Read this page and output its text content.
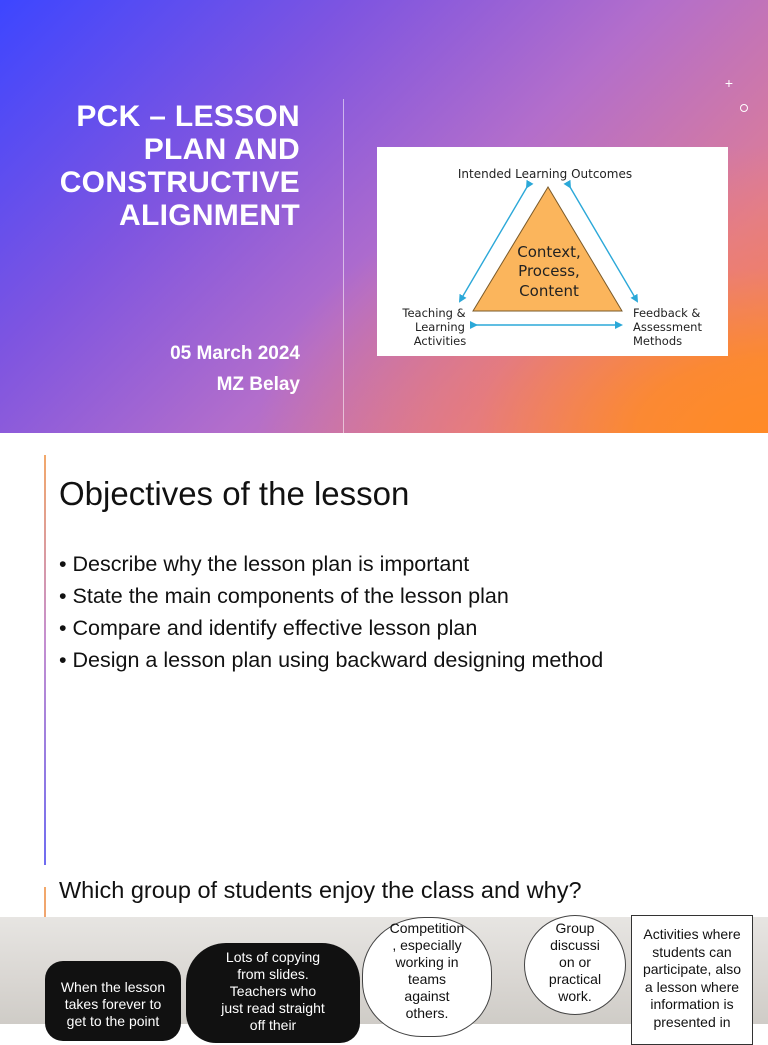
PCK – LESSON
PLAN AND
CONSTRUCTIVE
ALIGNMENT
05 March 2024
MZ Belay
+
Intended Learning Outcomes
Context,
Process,
Content
Teaching &
Learning
Activities
Feedback &
Assessment
Methods
Objectives of the lesson
• Describe why the lesson plan is important
• State the main components of the lesson plan
• Compare and identify effective lesson plan
• Design a lesson plan using backward designing method
Which group of students enjoy the class and why?
When the lesson
takes forever to
get to the point
Lots of copying
from slides.
Teachers who
just read straight
off their
Competition
, especially
working in
teams
against
others.
Group
discussi
on or
practical
work.
Activities where
students can
participate, also
a lesson where
information is
presented in
